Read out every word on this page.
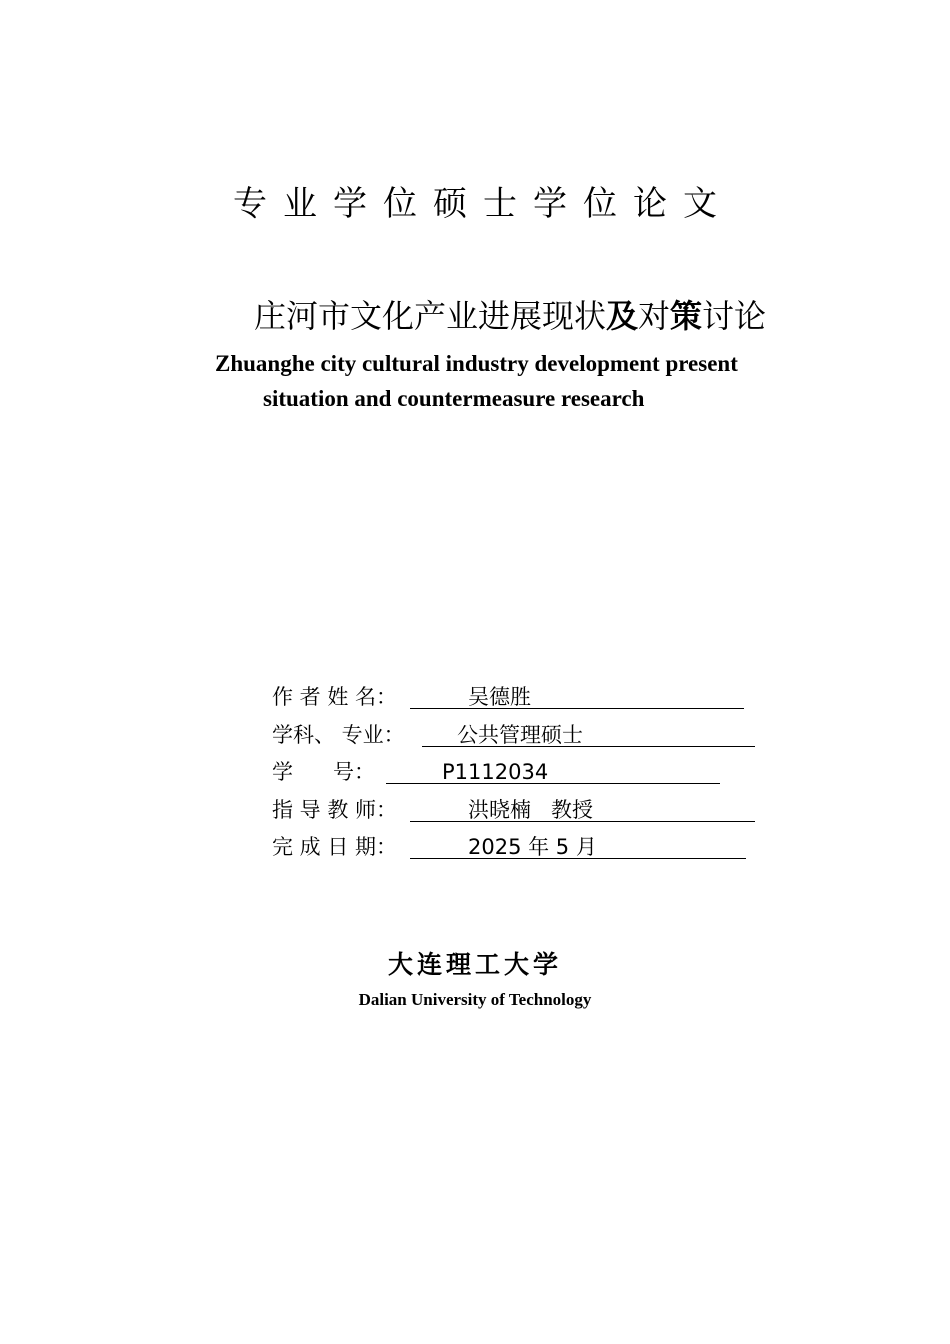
专业学位硕士学位论文
庄河市文化产业进展现状及对策讨论
Zhuanghe city cultural industry development present
situation and countermeasure research
作 者 姓 名：	吴德胜
学科、 专业： 公共管理硕士
学      号：	P1112034
指 导 教 师：	洪晓楠   教授
完 成 日 期：	2025 年 5 月
大连理工大学
Dalian University of Technology
